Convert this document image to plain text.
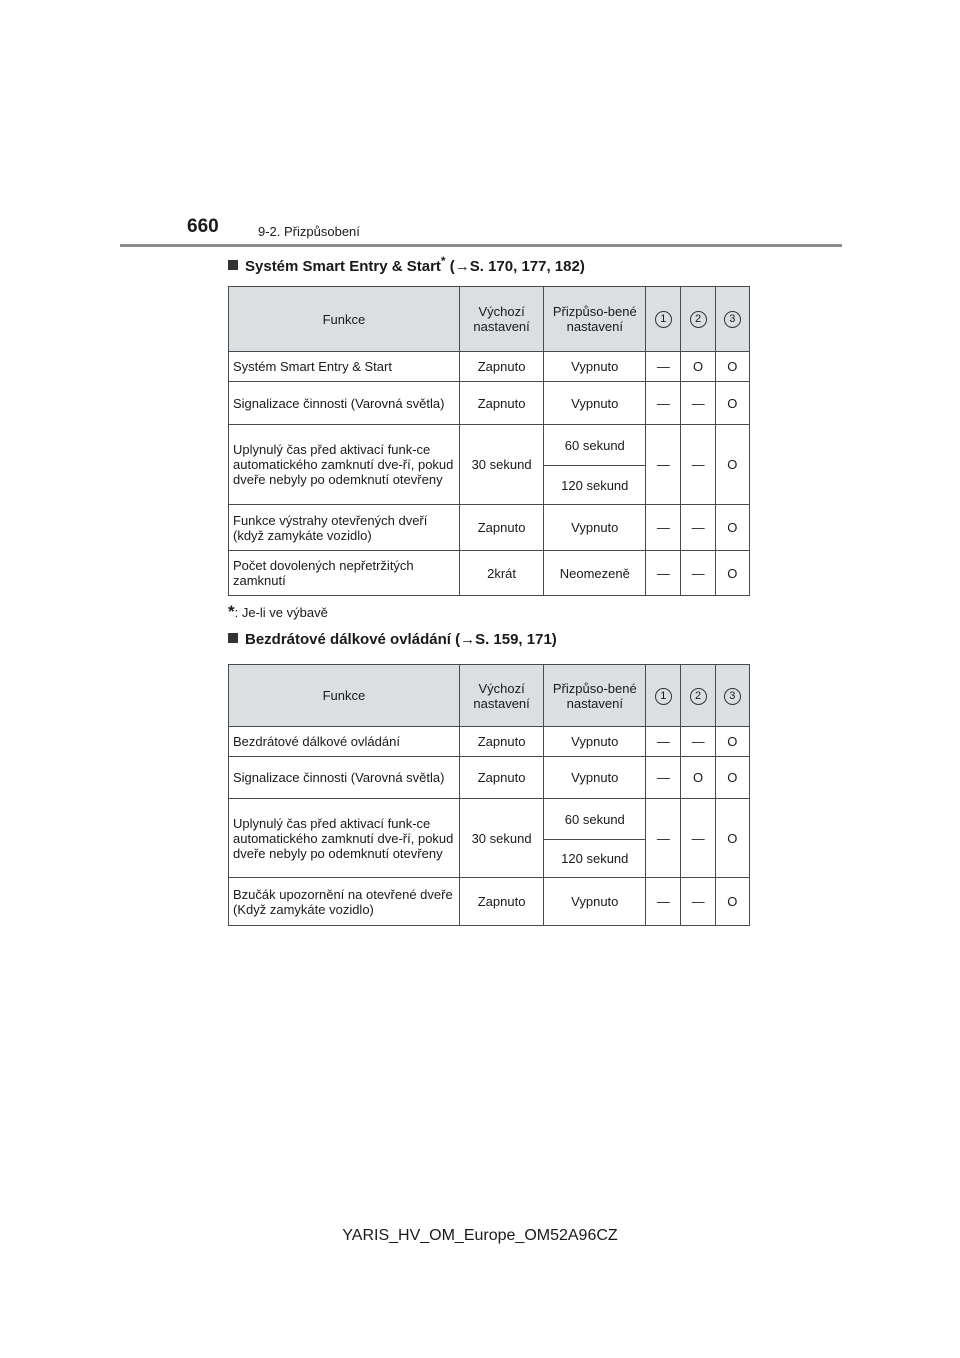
660	9-2. Přizpůsobení
Systém Smart Entry & Start* (→S. 170, 177, 182)
Funkce	Výchozí nastavení	Přizpůso-bené nastavení	1	2	3
Systém Smart Entry & Start	Zapnuto	Vypnuto	—	O	O
Signalizace činnosti (Varovná světla)	Zapnuto	Vypnuto	—	—	O
Uplynulý čas před aktivací funk-ce automatického zamknutí dve-ří, pokud dveře nebyly po odemknutí otevřeny	30 sekund	60 sekund	—	—	O
		120 sekund			
Funkce výstrahy otevřených dveří (když zamykáte vozidlo)	Zapnuto	Vypnuto	—	—	O
Počet dovolených nepřetržitých zamknutí	2krát	Neomezeně	—	—	O
*: Je-li ve výbavě
Bezdrátové dálkové ovládání (→S. 159, 171)
Funkce	Výchozí nastavení	Přizpůso-bené nastavení	1	2	3
Bezdrátové dálkové ovládání	Zapnuto	Vypnuto	—	—	O
Signalizace činnosti (Varovná světla)	Zapnuto	Vypnuto	—	O	O
Uplynulý čas před aktivací funk-ce automatického zamknutí dve-ří, pokud dveře nebyly po odemknutí otevřeny	30 sekund	60 sekund	—	—	O
		120 sekund			
Bzučák upozornění na otevřené dveře (Když zamykáte vozidlo)	Zapnuto	Vypnuto	—	—	O
YARIS_HV_OM_Europe_OM52A96CZ
